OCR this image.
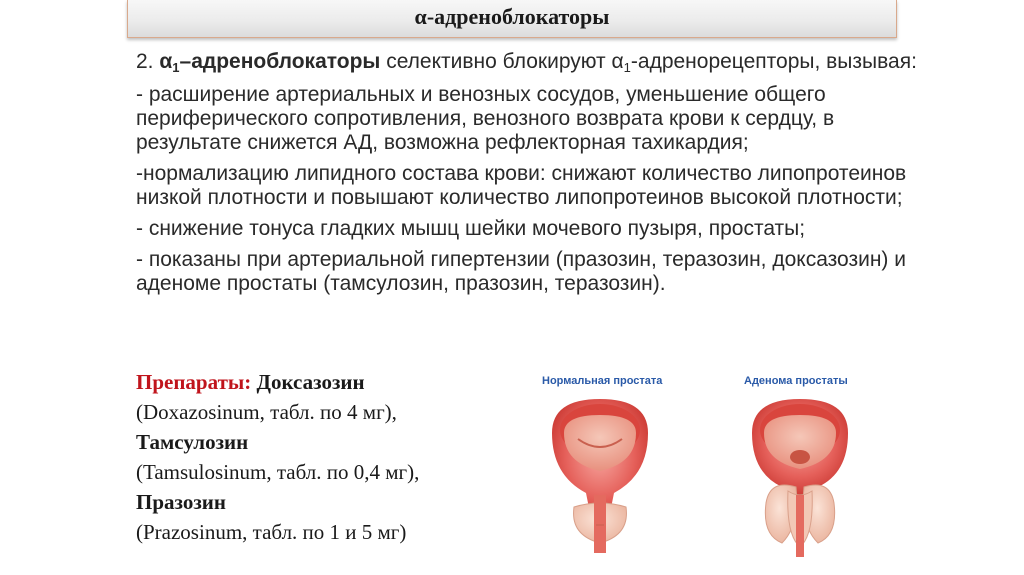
α-адреноблокаторы

2. $\alpha_1$–адреноблокаторы селективно блокируют $\alpha_1$-адренорецепторы, вызывая:

- расширение артериальных и венозных сосудов, уменьшение общего периферического сопротивления, венозного возврата крови к сердцу, в результате снижется АД, возможна рефлекторная тахикардия;

-нормализацию липидного состава крови: снижают количество липопротеинов низкой плотности и повышают количество липопротеинов высокой плотности;

- снижение тонуса гладких мышц шейки мочевого пузыря, простаты;

- показаны при артериальной гипертензии (празозин, теразозин, доксазозин) и аденоме простаты (тамсулозин, празозин, теразозин).

Препараты: Доксазозин
(Doxazosinum, табл. по 4 мг),
Тамсулозин
(Tamsulosinum, табл. по 0,4 мг),
Празозин
(Prazosinum, табл. по 1 и 5 мг)
Нормальная простата	Аденома простаты
